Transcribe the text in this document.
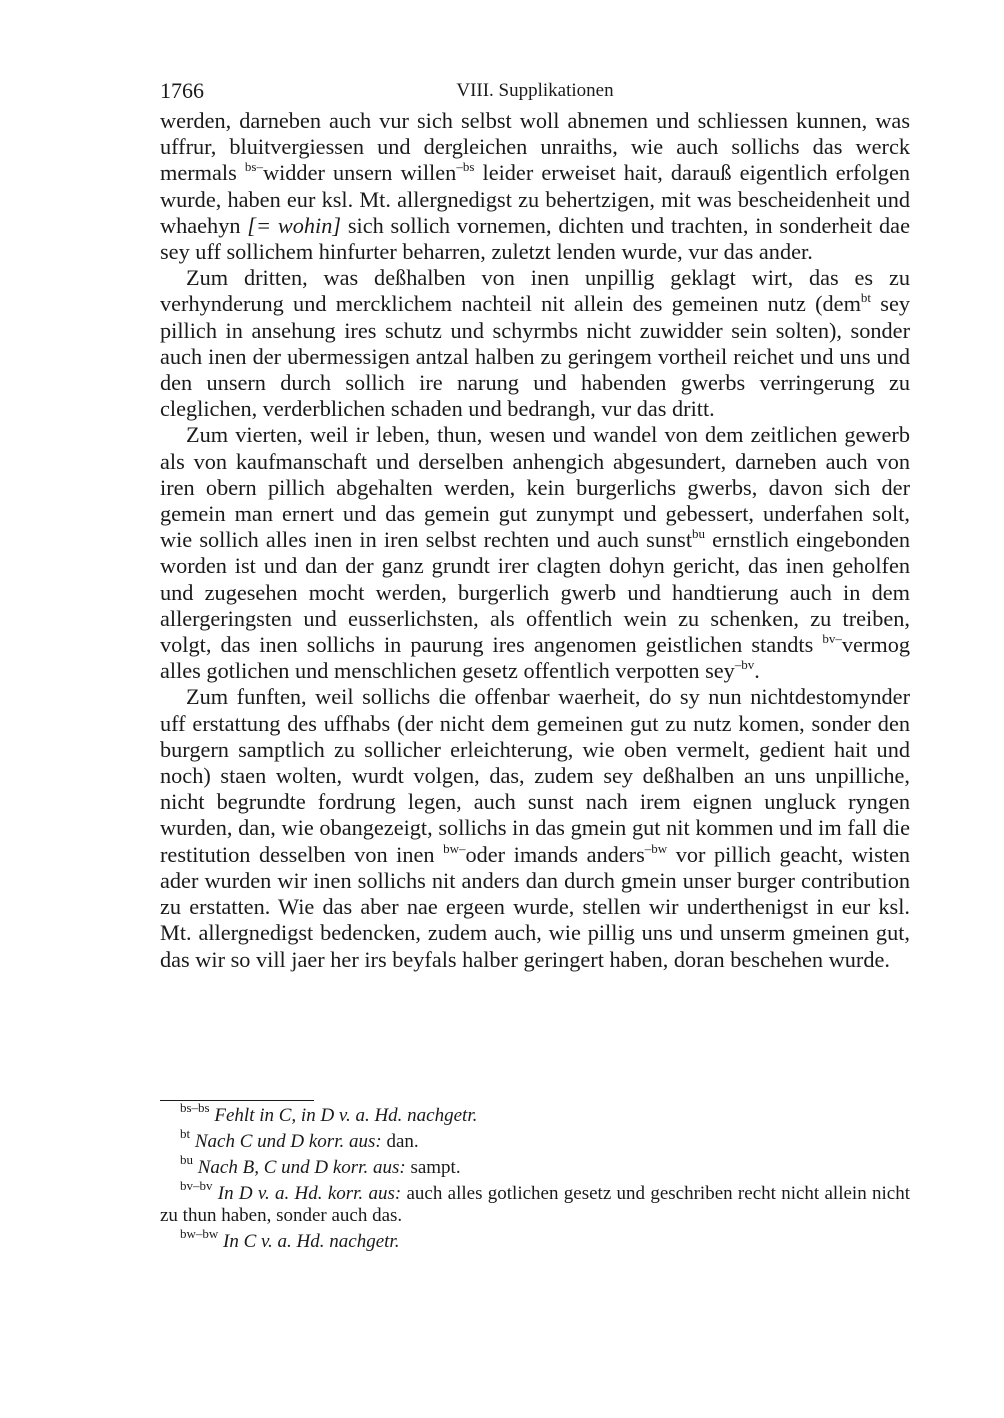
1766	VIII. Supplikationen

werden, darneben auch vur sich selbst woll abnemen und schliessen kunnen, was uffrur, bluitvergiessen und dergleichen unraiths, wie auch sollichs das werck mermals $^{bs-}$widder unsern willen$^{-bs}$ leider erweiset hait, darauß eigentlich erfolgen wurde, haben eur ksl. Mt. allergnedigst zu behertzigen, mit was bescheidenheit und whaehyn [= wohin] sich sollich vornemen, dichten und trachten, in sonderheit dae sey uff sollichem hinfurter beharren, zuletzt lenden wurde, vur das ander.

Zum dritten, was deßhalben von inen unpillig geklagt wirt, das es zu verhynderung und mercklichem nachteil nit allein des gemeinen nutz (dem$^{bt}$ sey pillich in ansehung ires schutz und schyrmbs nicht zuwidder sein solten), sonder auch inen der ubermessigen antzal halben zu geringem vortheil reichet und uns und den unsern durch sollich ire narung und habenden gwerbs verringerung zu cleglichen, verderblichen schaden und bedrangh, vur das dritt.

Zum vierten, weil ir leben, thun, wesen und wandel von dem zeitlichen gewerb als von kaufmanschaft und derselben anhengich abgesundert, darneben auch von iren obern pillich abgehalten werden, kein burgerlichs gwerbs, davon sich der gemein man ernert und das gemein gut zunympt und gebessert, underfahen solt, wie sollich alles inen in iren selbst rechten und auch sunst$^{bu}$ ernstlich eingebonden worden ist und dan der ganz grundt irer clagten dohyn gericht, das inen geholfen und zugesehen mocht werden, burgerlich gwerb und handtierung auch in dem allergeringsten und eusserlichsten, als offentlich wein zu schenken, zu treiben, volgt, das inen sollichs in paurung ires angenomen geistlichen standts $^{bv-}$vermog alles gotlichen und menschlichen gesetz offentlich verpotten sey$^{-bv}$.

Zum funften, weil sollichs die offenbar waerheit, do sy nun nichtdestomynder uff erstattung des uffhabs (der nicht dem gemeinen gut zu nutz komen, sonder den burgern samptlich zu sollicher erleichterung, wie oben vermelt, gedient hait und noch) staen wolten, wurdt volgen, das, zudem sey deßhalben an uns unpilliche, nicht begrundte fordrung legen, auch sunst nach irem eignen ungluck ryngen wurden, dan, wie obangezeigt, sollichs in das gmein gut nit kommen und im fall die restitution desselben von inen $^{bw-}$oder imands anders$^{-bw}$ vor pillich geacht, wisten ader wurden wir inen sollichs nit anders dan durch gmein unser burger contribution zu erstatten. Wie das aber nae ergeen wurde, stellen wir underthenigst in eur ksl. Mt. allergnedigst bedencken, zudem auch, wie pillig uns und unserm gmeinen gut, das wir so vill jaer her irs beyfals halber geringert haben, doran beschehen wurde.

$^{bs-bs}$ Fehlt in C, in D v. a. Hd. nachgetr.

$^{bt}$ Nach C und D korr. aus: dan.

$^{bu}$ Nach B, C und D korr. aus: sampt.

$^{bv-bv}$ In D v. a. Hd. korr. aus: auch alles gotlichen gesetz und geschriben recht nicht allein nicht zu thun haben, sonder auch das.

$^{bw-bw}$ In C v. a. Hd. nachgetr.
